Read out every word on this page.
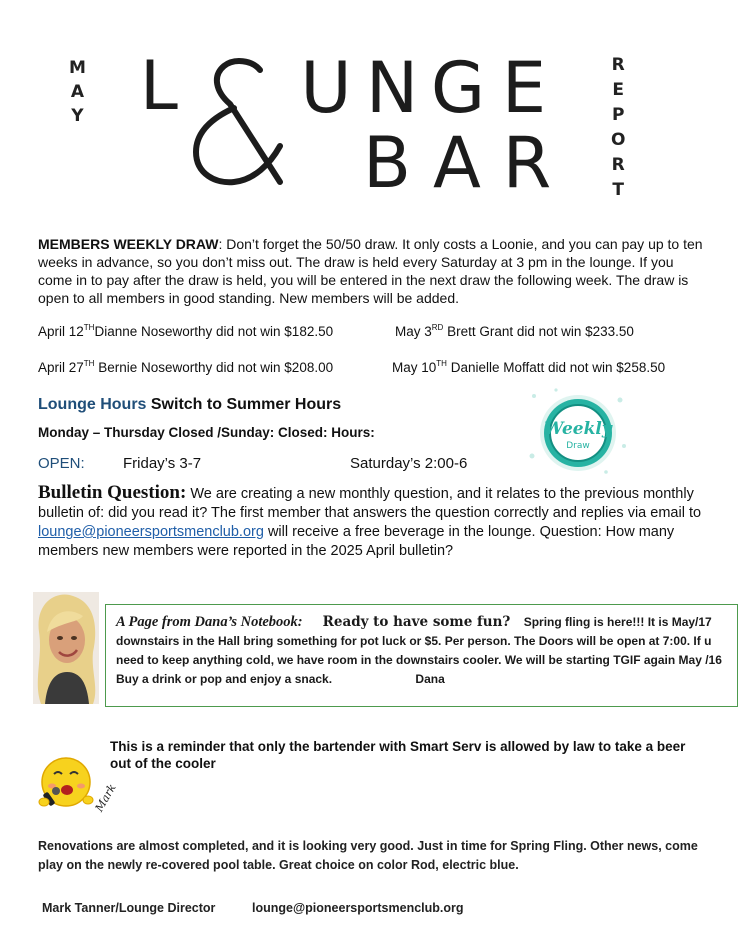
M
A
Y
R
E
P
O
R
T
L U N G E
B A R
MEMBERS WEEKLY DRAW: Don’t forget the 50/50 draw. It only costs a Loonie, and you can pay up to ten weeks in advance, so you don’t miss out. The draw is held every Saturday at 3 pm in the lounge. If you come in to pay after the draw is held, you will be entered in the next draw the following week. The draw is open to all members in good standing. New members will be added.
April 12THDianne Noseworthy did not win $182.50	May 3RD Brett Grant did not win $233.50
April 27TH Bernie Noseworthy did not win $208.00	May 10TH Danielle Moffatt did not win $258.50
Lounge Hours Switch to Summer Hours
Monday – Thursday Closed /Sunday: Closed: Hours:
OPEN:	Friday’s 3-7	Saturday’s 2:00-6
Weekly
Draw
Bulletin Question: We are creating a new monthly question, and it relates to the previous monthly bulletin of: did you read it? The first member that answers the question correctly and replies via email to lounge@pioneersportsmenclub.org will receive a free beverage in the lounge. Question: How many members new members were reported in the 2025 April bulletin?
A Page from Dana’s Notebook: Ready to have some fun? Spring fling is here!!! It is May/17 downstairs in the Hall bring something for pot luck or $5. Per person. The Doors will be open at 7:00. If u need to keep anything cold, we have room in the downstairs cooler. We will be starting TGIF again May /16 Buy a drink or pop and enjoy a snack.	Dana
This is a reminder that only the bartender with Smart Serv is allowed by law to take a beer out of the cooler
Mark
Renovations are almost completed, and it is looking very good. Just in time for Spring Fling. Other news, come play on the newly re-covered pool table. Great choice on color Rod, electric blue.
Mark Tanner/Lounge Director	lounge@pioneersportsmenclub.org
